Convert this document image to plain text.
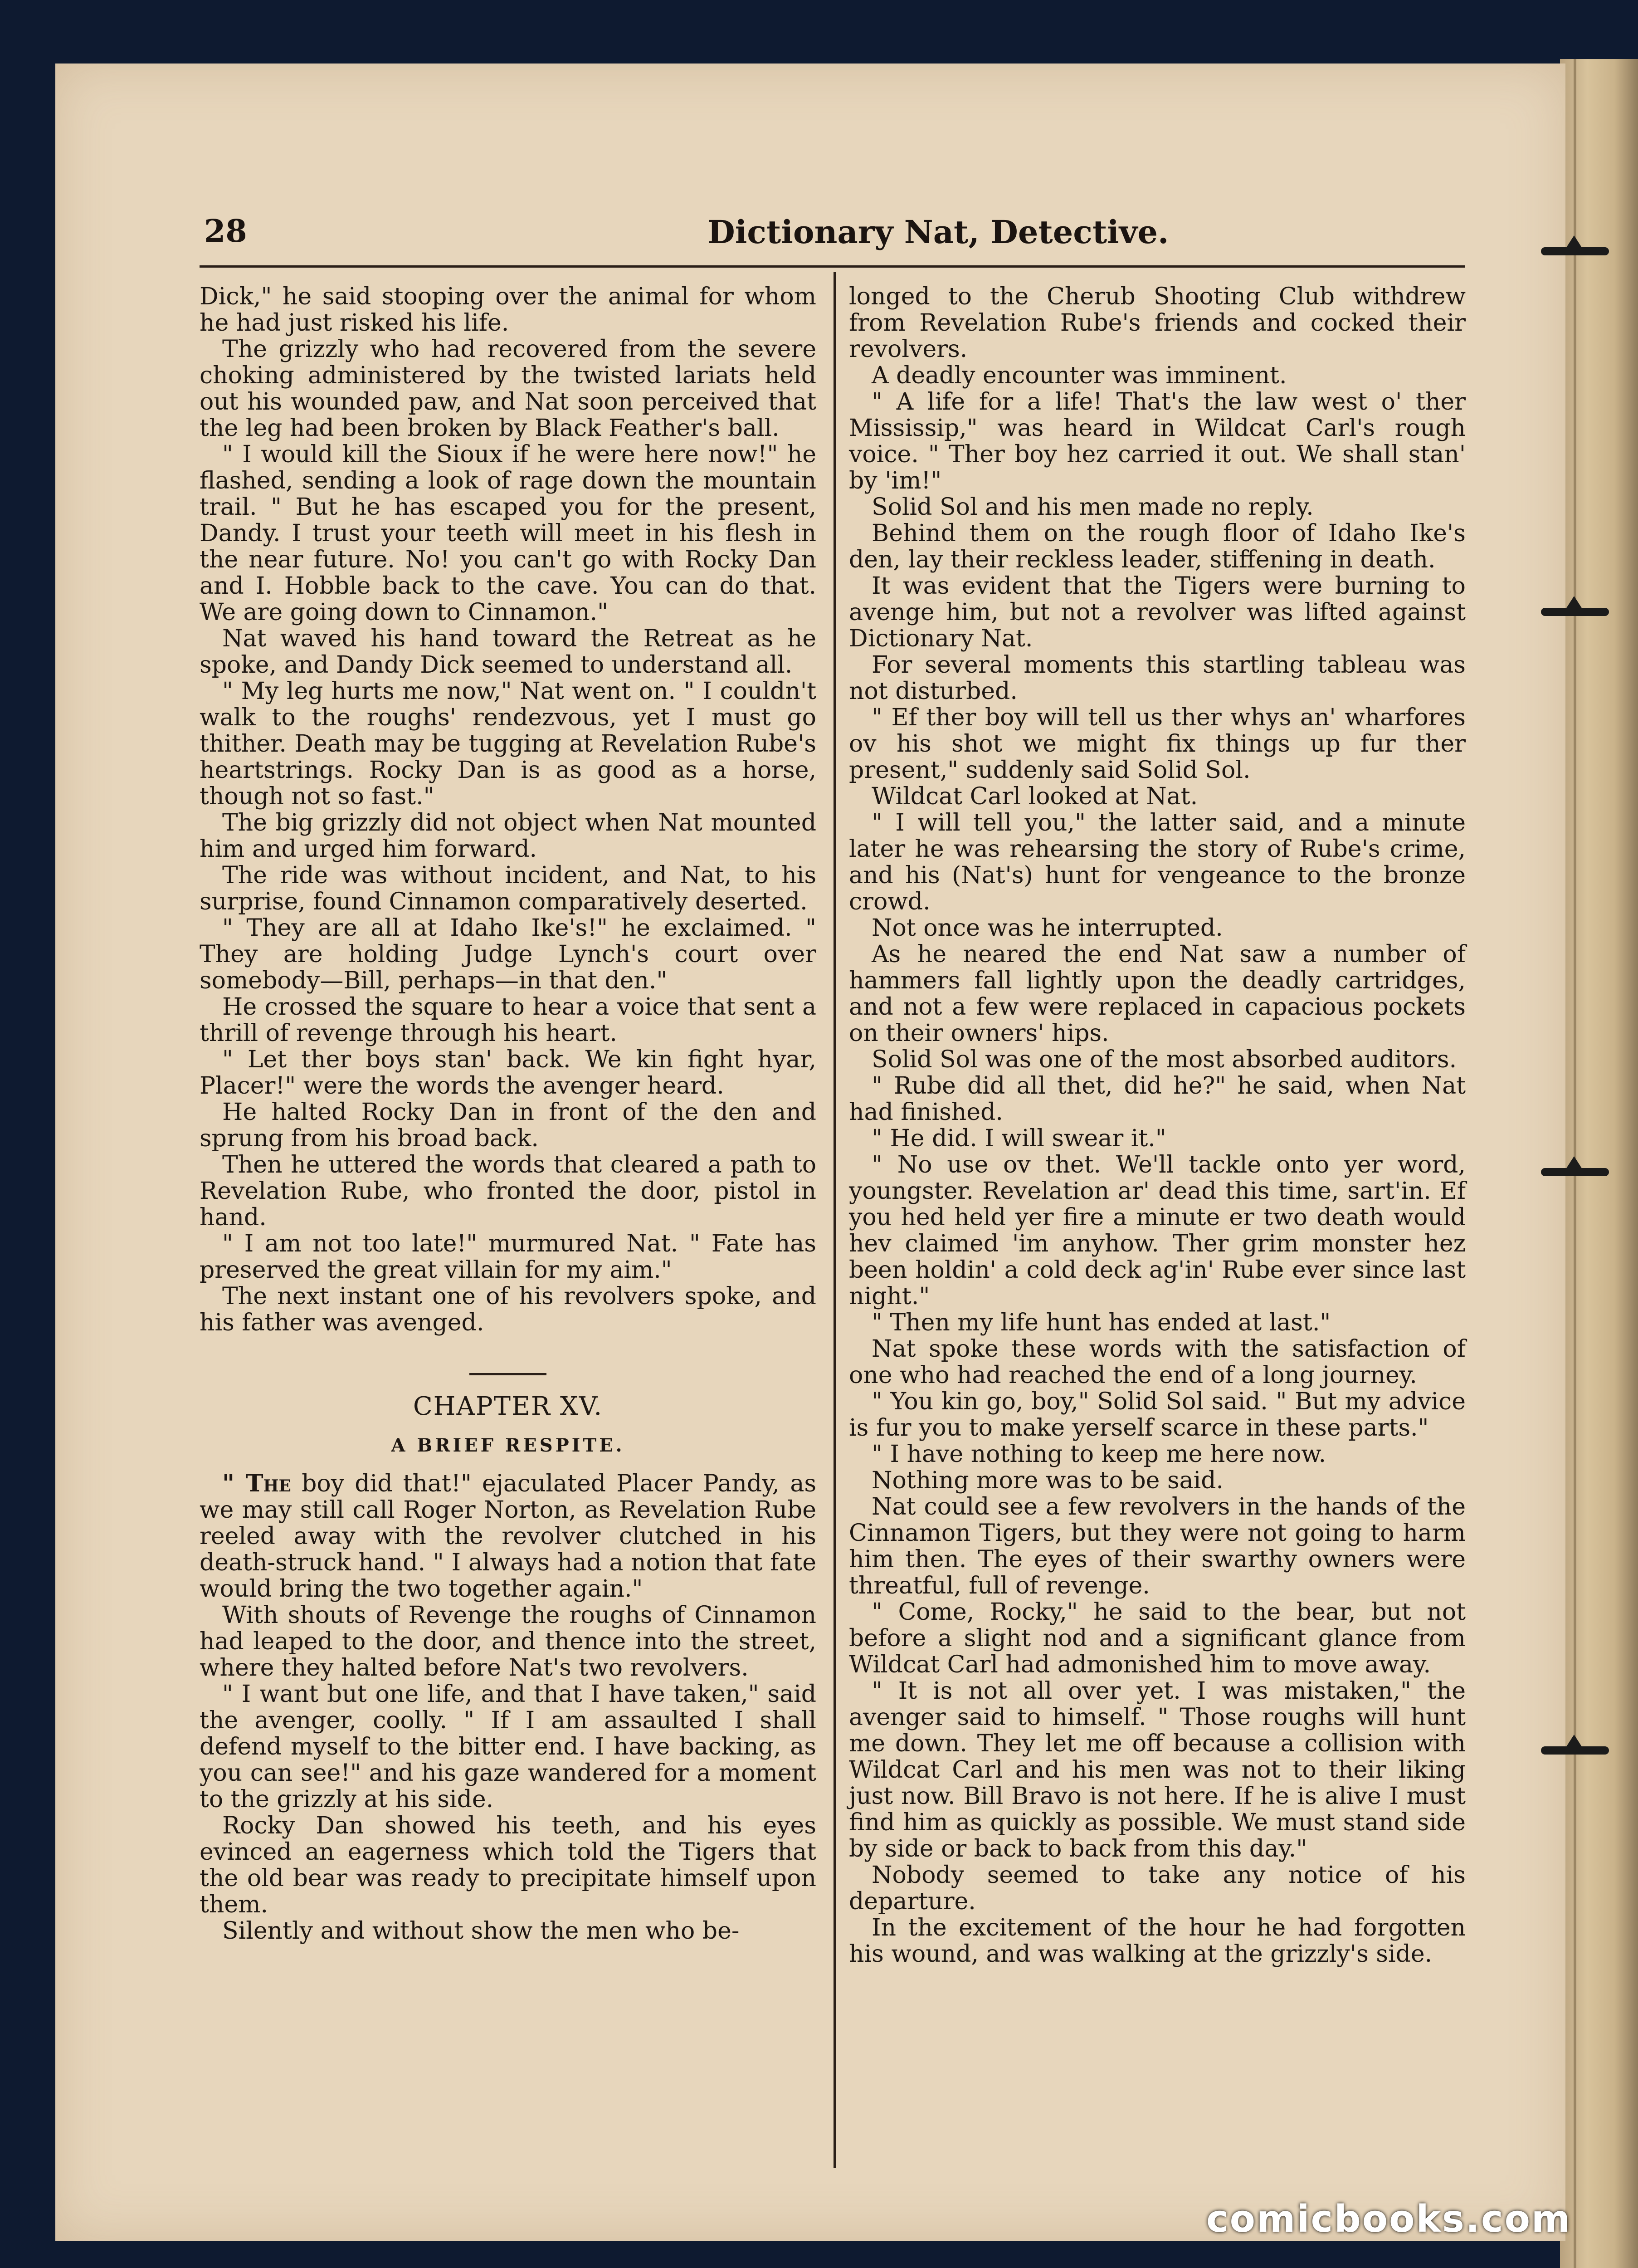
28	Dictionary Nat, Detective.

Dick," he said stooping over the animal for whom he had just risked his life.

The grizzly who had recovered from the severe choking administered by the twisted lariats held out his wounded paw, and Nat soon perceived that the leg had been broken by Black Feather's ball.

" I would kill the Sioux if he were here now!" he flashed, sending a look of rage down the mountain trail. " But he has escaped you for the present, Dandy. I trust your teeth will meet in his flesh in the near future. No! you can't go with Rocky Dan and I. Hobble back to the cave. You can do that. We are going down to Cinnamon."

Nat waved his hand toward the Retreat as he spoke, and Dandy Dick seemed to understand all.

" My leg hurts me now," Nat went on. " I couldn't walk to the roughs' rendezvous, yet I must go thither. Death may be tugging at Revelation Rube's heartstrings. Rocky Dan is as good as a horse, though not so fast."

The big grizzly did not object when Nat mounted him and urged him forward.

The ride was without incident, and Nat, to his surprise, found Cinnamon comparatively deserted.

" They are all at Idaho Ike's!" he exclaimed. " They are holding Judge Lynch's court over somebody—Bill, perhaps—in that den."

He crossed the square to hear a voice that sent a thrill of revenge through his heart.

" Let ther boys stan' back. We kin fight hyar, Placer!" were the words the avenger heard.

He halted Rocky Dan in front of the den and sprung from his broad back.

Then he uttered the words that cleared a path to Revelation Rube, who fronted the door, pistol in hand.

" I am not too late!" murmured Nat. " Fate has preserved the great villain for my aim."

The next instant one of his revolvers spoke, and his father was avenged.

CHAPTER XV.
A BRIEF RESPITE.

" The boy did that!" ejaculated Placer Pandy, as we may still call Roger Norton, as Revelation Rube reeled away with the revolver clutched in his death-struck hand. " I always had a notion that fate would bring the two together again."

With shouts of Revenge the roughs of Cinnamon had leaped to the door, and thence into the street, where they halted before Nat's two revolvers.

" I want but one life, and that I have taken," said the avenger, coolly. " If I am assaulted I shall defend myself to the bitter end. I have backing, as you can see!" and his gaze wandered for a moment to the grizzly at his side.

Rocky Dan showed his teeth, and his eyes evinced an eagerness which told the Tigers that the old bear was ready to precipitate himself upon them.

Silently and without show the men who be-

longed to the Cherub Shooting Club withdrew from Revelation Rube's friends and cocked their revolvers.

A deadly encounter was imminent.

" A life for a life! That's the law west o' ther Mississip," was heard in Wildcat Carl's rough voice. " Ther boy hez carried it out. We shall stan' by 'im!"

Solid Sol and his men made no reply.

Behind them on the rough floor of Idaho Ike's den, lay their reckless leader, stiffening in death.

It was evident that the Tigers were burning to avenge him, but not a revolver was lifted against Dictionary Nat.

For several moments this startling tableau was not disturbed.

" Ef ther boy will tell us ther whys an' wharfores ov his shot we might fix things up fur ther present," suddenly said Solid Sol.

Wildcat Carl looked at Nat.

" I will tell you," the latter said, and a minute later he was rehearsing the story of Rube's crime, and his (Nat's) hunt for vengeance to the bronze crowd.

Not once was he interrupted.

As he neared the end Nat saw a number of hammers fall lightly upon the deadly cartridges, and not a few were replaced in capacious pockets on their owners' hips.

Solid Sol was one of the most absorbed auditors.

" Rube did all thet, did he?" he said, when Nat had finished.

" He did. I will swear it."

" No use ov thet. We'll tackle onto yer word, youngster. Revelation ar' dead this time, sart'in. Ef you hed held yer fire a minute er two death would hev claimed 'im anyhow. Ther grim monster hez been holdin' a cold deck ag'in' Rube ever since last night."

" Then my life hunt has ended at last."

Nat spoke these words with the satisfaction of one who had reached the end of a long journey.

" You kin go, boy," Solid Sol said. " But my advice is fur you to make yerself scarce in these parts."

" I have nothing to keep me here now.

Nothing more was to be said.

Nat could see a few revolvers in the hands of the Cinnamon Tigers, but they were not going to harm him then. The eyes of their swarthy owners were threatful, full of revenge.

" Come, Rocky," he said to the bear, but not before a slight nod and a significant glance from Wildcat Carl had admonished him to move away.

" It is not all over yet. I was mistaken," the avenger said to himself. " Those roughs will hunt me down. They let me off because a collision with Wildcat Carl and his men was not to their liking just now. Bill Bravo is not here. If he is alive I must find him as quickly as possible. We must stand side by side or back to back from this day."

Nobody seemed to take any notice of his departure.

In the excitement of the hour he had forgotten his wound, and was walking at the grizzly's side.

comicbooks.com
